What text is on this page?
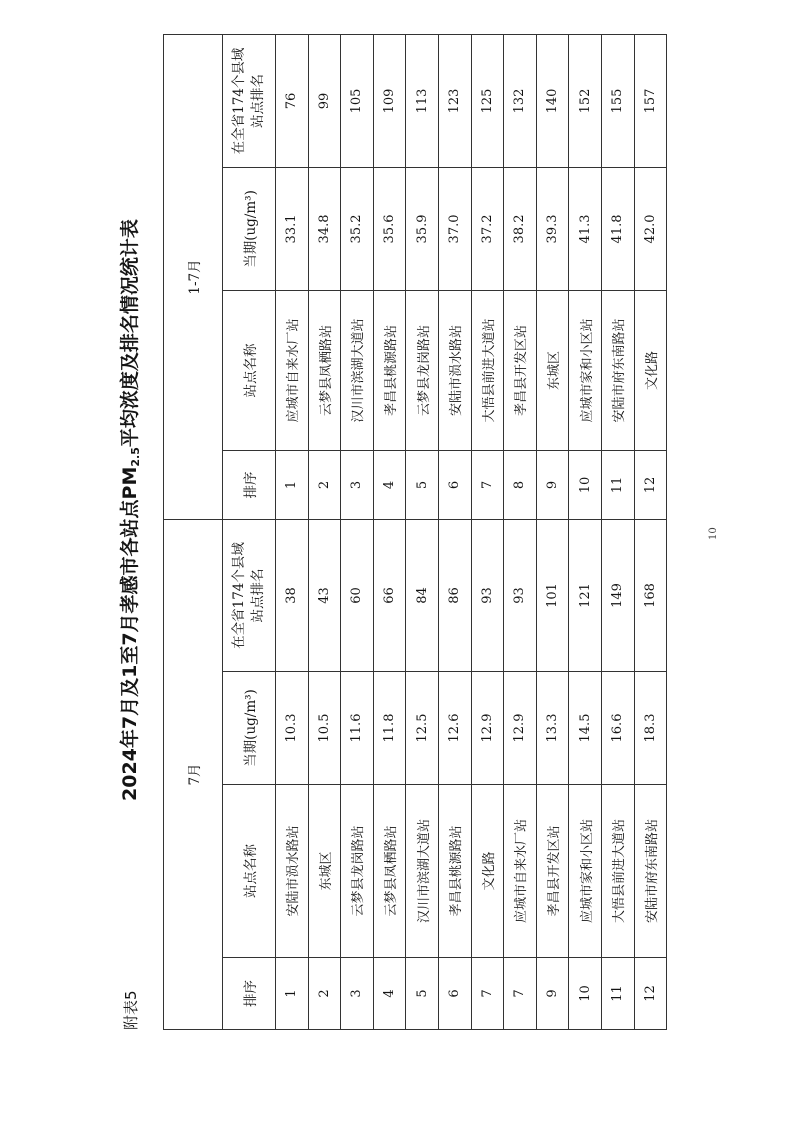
附表5
2024年7月及1至7月孝感市各站点$PM_{2.5}$平均浓度及排名情况统计表
7月				1-7月			
排序	站点名称	当期(ug/m³)	在全省174个县域 站点排名	排序	站点名称	当期(ug/m³)	在全省174个县域 站点排名

1	安陆市涢水路站	10.3	38	1	应城市自来水厂站	33.1	76
2	东城区	10.5	43	2	云梦县凤栖路站	34.8	99
3	云梦县龙岗路站	11.6	60	3	汉川市滨湖大道站	35.2	105
4	云梦县凤栖路站	11.8	66	4	孝昌县桃源路站	35.6	109
5	汉川市滨湖大道站	12.5	84	5	云梦县龙岗路站	35.9	113
6	孝昌县桃源路站	12.6	86	6	安陆市涢水路站	37.0	123
7	文化路	12.9	93	7	大悟县前进大道站	37.2	125
7	应城市自来水厂站	12.9	93	8	孝昌县开发区站	38.2	132
9	孝昌县开发区站	13.3	101	9	东城区	39.3	140
10	应城市家和小区站	14.5	121	10	应城市家和小区站	41.3	152
11	大悟县前进大道站	16.6	149	11	安陆市府东南路站	41.8	155
12	安陆市府东南路站	18.3	168	12	文化路	42.0	157
10
